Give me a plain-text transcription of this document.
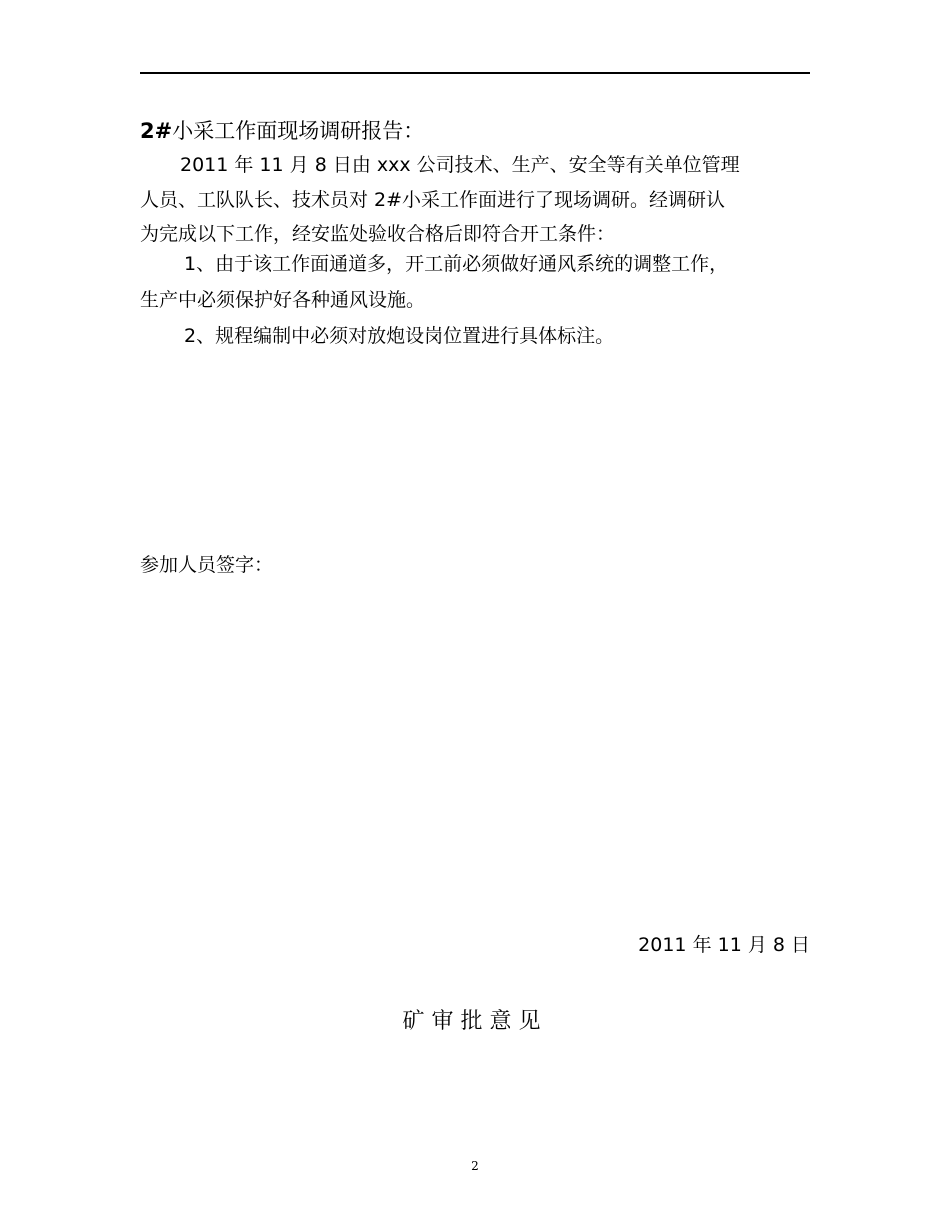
2#小采工作面现场调研报告：
2011 年 11 月 8 日由 xxx 公司技术、生产、安全等有关单位管理
人员、工队队长、技术员对 2#小采工作面进行了现场调研。经调研认
为完成以下工作，经安监处验收合格后即符合开工条件：
1、由于该工作面通道多，开工前必须做好通风系统的调整工作，
生产中必须保护好各种通风设施。
2、规程编制中必须对放炮设岗位置进行具体标注。
参加人员签字：
2011 年 11 月 8 日
矿审批意见
2
